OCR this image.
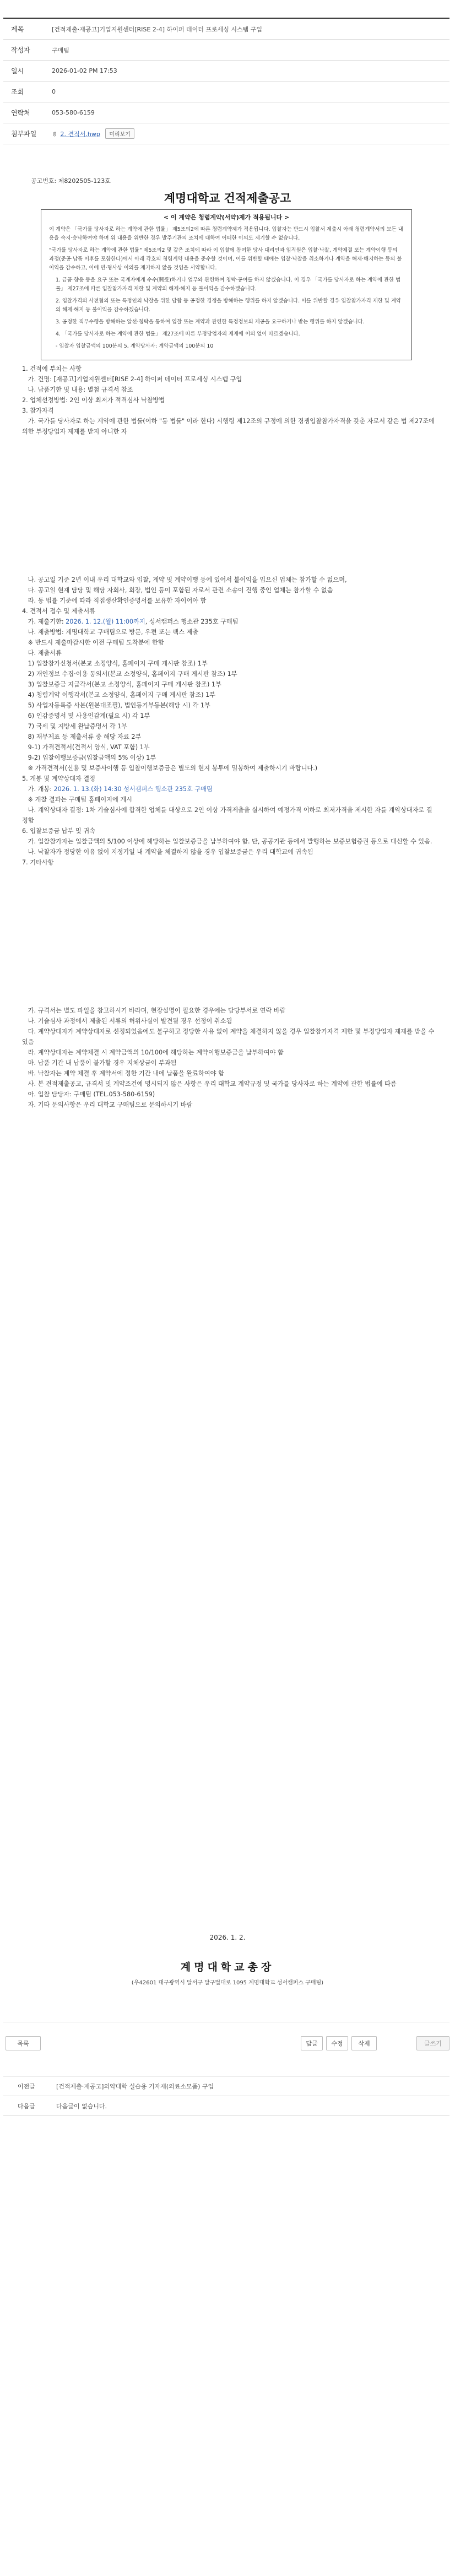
제목	[건적제출·재공고]기업지원센터[RISE 2-4] 하이퍼 데이터 프로세싱 시스템 구입
작성자	구매팀
일시	2026-01-02 PM 17:53
조회	0
연락처	053-580-6159
첨부파일	2. 견적서.hwp 미리보기
공고번호: 제8202505-123호
계명대학교 건적제출공고
< 이 계약은 청렴계약(서약)제가 적용됩니다 >

이 계약은 「국가를 당사자로 하는 계약에 관한 법률」 제5조의2에 따른 청렴계약제가 적용됩니다. 입찰자는 반드시 입찰서 제출시 아래 청렴계약서의 모든 내용을 숙지·승낙하여야 하며 위 내용을 위반한 경우 발주기관의 조치에 대하여 어떠한 이의도 제기할 수 없습니다.

"국가를 당사자로 하는 계약에 관한 법률" 제5조의2 및 같은 조치에 따라 이 입찰에 참여한 당사 대리인과 임직원은 입찰·낙찰, 계약체결 또는 계약이행 등의 과정(준공·납품 이후를 포함한다)에서 아래 각호의 청렴계약 내용을 준수할 것이며, 이를 위반할 때에는 입찰·낙찰을 취소하거나 계약을 해제·해지하는 등의 불이익을 감수하고, 이에 민·형사상 이의를 제기하지 않을 것임을 서약합니다.

1. 금품·향응 등을 요구 또는 국계자에게 수수(興受)하거나 업무와 관련하여 청탁·공여를 하지 않겠습니다. 이 경우 「국가를 당사자로 하는 계약에 관한 법률」 제27조에 따른 입찰참가자격 제한 및 계약의 해제·해지 등 불이익을 감수하겠습니다.

2. 입찰가격의 사전협의 또는 특정인의 낙찰을 위한 담합 등 공정한 경쟁을 방해하는 행위를 하지 않겠습니다. 이를 위반할 경우 입찰참가자격 제한 및 계약의 해제·해지 등 불이익을 감수하겠습니다.

3. 공정한 직무수행을 방해하는 알선·청탁을 통하여 입찰 또는 계약과 관련한 특정정보의 제공을 요구하거나 받는 행위를 하지 않겠습니다.

4. 「국가를 당사자로 하는 계약에 관한 법률」 제27조에 따른 부정당업자의 제재에 이의 없이 따르겠습니다.

- 입찰자 입찰금액의 100분의 5, 계약당사자: 계약금액의 100분의 10

1. 건적에 부치는 사항
가. 건명: [재공고]기업지원센터[RISE 2-4] 하이퍼 데이터 프로세싱 시스템 구입
나. 납품기한 및 내용: 별첨 규격서 참조
2. 업체선정방법: 2인 이상 최저가 적격심사 낙찰방법
3. 참가자격
가. 국가를 당사자로 하는 계약에 관한 법률(이하 "동 법률" 이라 한다) 시행령 제12조의 규정에 의한 경쟁입찰참가자격을 갖춘 자로서 같은 법 제27조에 의한 부정당업자 제재를 받지 아니한 자
나. 공고일 기준 2년 이내 우리 대학교와 입찰, 계약 및 계약이행 등에 있어서 불이익을 입으신 업체는 참가할 수 없으며,
다. 공고일 현재 담당 및 해당 자회사, 회장, 법인 등이 포함된 자로서 관련 소송이 진행 중인 업체는 참가할 수 없음
라. 동 법률 기준에 따라 직접생산확인증명서를 보유한 자이어야 함
4. 견적서 접수 및 제출서류
가. 제출기한: 2026. 1. 12.(월) 11:00까지, 성서캠퍼스 행소관 235호 구매팀
나. 제출방법: 계명대학교 구매팀으로 방문, 우편 또는 팩스 제출
※ 반드시 제출마감시한 이전 구매팀 도착분에 한함
다. 제출서류
1) 입찰참가신청서(본교 소정양식, 홈페이지 구매 게시판 참조) 1부
2) 개인정보 수집·이용 동의서(본교 소정양식, 홈페이지 구매 게시판 참조) 1부
3) 입찰보증금 지급각서(본교 소정양식, 홈페이지 구매 게시판 참조) 1부
4) 청렴계약 이행각서(본교 소정양식, 홈페이지 구매 게시판 참조) 1부
5) 사업자등록증 사본(원본대조필), 법인등기부등본(해당 시) 각 1부
6) 인감증명서 및 사용인감계(필요 시) 각 1부
7) 국세 및 지방세 완납증명서 각 1부
8) 재무제표 등 제출서류 중 해당 자료 2부
9-1) 가격견적서(견적서 양식, VAT 포함) 1부
9-2) 입찰이행보증금(입찰금액의 5% 이상) 1부
※ 가격견적서(신용 및 보증사이행 등 입찰이행보증금은 별도의 현지 봉투에 밀봉하여 제출하시기 바랍니다.)
5. 개봉 및 계약상대자 결정
가. 개봉: 2026. 1. 13.(화) 14:30 성서캠퍼스 행소관 235호 구매팀
※ 개찰 결과는 구매팀 홈페이지에 게시
나. 계약상대자 결정: 1차 기술심사에 합격한 업체를 대상으로 2인 이상 가격제출을 실시하여 예정가격 이하로 최저가격을 제시한 자를 계약상대자로 결정함
6. 입찰보증금 납부 및 귀속
가. 입찰참가자는 입찰금액의 5/100 이상에 해당하는 입찰보증금을 납부하여야 함. 단, 공공기관 등에서 발행하는 보증보험증권 등으로 대신할 수 있음.
나. 낙찰자가 정당한 이유 없이 지정기일 내 계약을 체결하지 않을 경우 입찰보증금은 우리 대학교에 귀속됨
7. 기타사항
가. 규격서는 별도 파일을 참고하시기 바라며, 현장설명이 필요한 경우에는 담당부서로 연락 바람
나. 기술심사 과정에서 제출된 서류의 허위사실이 발견될 경우 선정이 취소됨
다. 계약상대자가 계약상대자로 선정되었음에도 불구하고 정당한 사유 없이 계약을 체결하지 않을 경우 입찰참가자격 제한 및 부정당업자 제재를 받을 수 있음
라. 계약상대자는 계약체결 시 계약금액의 10/100에 해당하는 계약이행보증금을 납부하여야 함
마. 납품 기간 내 납품이 불가할 경우 지체상금이 부과됨
바. 낙찰자는 계약 체결 후 계약서에 정한 기간 내에 납품을 완료하여야 함
사. 본 견적제출공고, 규격서 및 계약조건에 명시되지 않은 사항은 우리 대학교 계약규정 및 국가를 당사자로 하는 계약에 관한 법률에 따름
아. 입찰 담당자: 구매팀 (TEL.053-580-6159)
자. 기타 문의사항은 우리 대학교 구매팀으로 문의하시기 바람
2026. 1. 2.
계명대학교총장
(우42601 대구광역시 달서구 달구벌대로 1095 계명대학교 성서캠퍼스 구매팀)
목록	답글	수정	삭제	글쓰기
이전글	[건적제출·재공고]의약대학 실습용 기자재(의료소모품) 구입
다음글	다음글이 없습니다.
